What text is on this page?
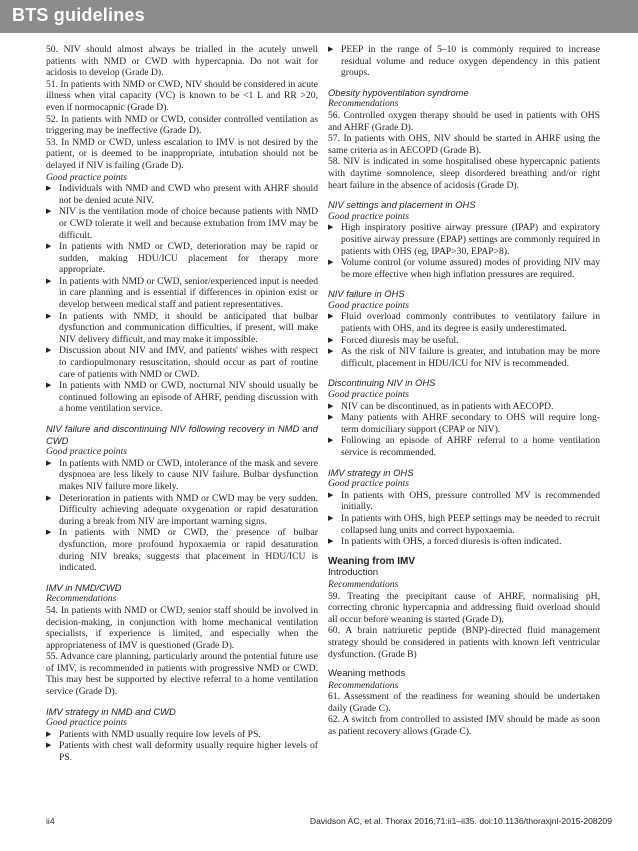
BTS guidelines

50. NIV should almost always be trialled in the acutely unwell patients with NMD or CWD with hypercapnia. Do not wait for acidosis to develop (Grade D).

51. In patients with NMD or CWD, NIV should be considered in acute illness when vital capacity (VC) is known to be <1 L and RR >20, even if normocapnic (Grade D).

52. In patients with NMD or CWD, consider controlled ventilation as triggering may be ineffective (Grade D).

53. In NMD or CWD, unless escalation to IMV is not desired by the patient, or is deemed to be inappropriate, intubation should not be delayed if NIV is failing (Grade D).

Good practice points

▶ Individuals with NMD and CWD who present with AHRF should not be denied acute NIV.
▶ NIV is the ventilation mode of choice because patients with NMD or CWD tolerate it well and because extubation from IMV may be difficult.
▶ In patients with NMD or CWD, deterioration may be rapid or sudden, making HDU/ICU placement for therapy more appropriate.
▶ In patients with NMD or CWD, senior/experienced input is needed in care planning and is essential if differences in opinion exist or develop between medical staff and patient representatives.
▶ In patients with NMD, it should be anticipated that bulbar dysfunction and communication difficulties, if present, will make NIV delivery difficult, and may make it impossible.
▶ Discussion about NIV and IMV, and patients' wishes with respect to cardiopulmonary resuscitation, should occur as part of routine care of patients with NMD or CWD.
▶ In patients with NMD or CWD, nocturnal NIV should usually be continued following an episode of AHRF, pending discussion with a home ventilation service.

NIV failure and discontinuing NIV following recovery in NMD and CWD

Good practice points

▶ In patients with NMD or CWD, intolerance of the mask and severe dyspnoea are less likely to cause NIV failure. Bulbar dysfunction makes NIV failure more likely.
▶ Deterioration in patients with NMD or CWD may be very sudden. Difficulty achieving adequate oxygenation or rapid desaturation during a break from NIV are important warning signs.
▶ In patients with NMD or CWD, the presence of bulbar dysfunction, more profound hypoxaemia or rapid desaturation during NIV breaks, suggests that placement in HDU/ICU is indicated.

IMV in NMD/CWD

Recommendations

54. In patients with NMD or CWD, senior staff should be involved in decision-making, in conjunction with home mechanical ventilation specialists, if experience is limited, and especially when the appropriateness of IMV is questioned (Grade D).

55. Advance care planning, particularly around the potential future use of IMV, is recommended in patients with progressive NMD or CWD. This may best be supported by elective referral to a home ventilation service (Grade D).

IMV strategy in NMD and CWD

Good practice points

▶ Patients with NMD usually require low levels of PS.
▶ Patients with chest wall deformity usually require higher levels of PS.
▶ PEEP in the range of 5–10 is commonly required to increase residual volume and reduce oxygen dependency in this patient groups.

Obesity hypoventilation syndrome

Recommendations

56. Controlled oxygen therapy should be used in patients with OHS and AHRF (Grade D).

57. In patients with OHS, NIV should be started in AHRF using the same criteria as in AECOPD (Grade B).

58. NIV is indicated in some hospitalised obese hypercapnic patients with daytime somnolence, sleep disordered breathing and/or right heart failure in the absence of acidosis (Grade D).

NIV settings and placement in OHS

Good practice points

▶ High inspiratory positive airway pressure (IPAP) and expiratory positive airway pressure (EPAP) settings are commonly required in patients with OHS (eg, IPAP>30, EPAP>8).
▶ Volume control (or volume assured) modes of providing NIV may be more effective when high inflation pressures are required.

NIV failure in OHS

Good practice points

▶ Fluid overload commonly contributes to ventilatory failure in patients with OHS, and its degree is easily underestimated.
▶ Forced diuresis may be useful.
▶ As the risk of NIV failure is greater, and intubation may be more difficult, placement in HDU/ICU for NIV is recommended.

Discontinuing NIV in OHS

Good practice points

▶ NIV can be discontinued, as in patients with AECOPD.
▶ Many patients with AHRF secondary to OHS will require long-term domiciliary support (CPAP or NIV).
▶ Following an episode of AHRF referral to a home ventilation service is recommended.

IMV strategy in OHS

Good practice points

▶ In patients with OHS, pressure controlled MV is recommended initially.
▶ In patients with OHS, high PEEP settings may be needed to recruit collapsed lung units and correct hypoxaemia.
▶ In patients with OHS, a forced diuresis is often indicated.

Weaning from IMV

Introduction

Recommendations

59. Treating the precipitant cause of AHRF, normalising pH, correcting chronic hypercapnia and addressing fluid overload should all occur before weaning is started (Grade D).

60. A brain natriuretic peptide (BNP)-directed fluid management strategy should be considered in patients with known left ventricular dysfunction. (Grade B)

Weaning methods

Recommendations

61. Assessment of the readiness for weaning should be undertaken daily (Grade C).

62. A switch from controlled to assisted IMV should be made as soon as patient recovery allows (Grade C).

ii4	Davidson AC, et al. Thorax 2016;71:ii1–ii35. doi:10.1136/thoraxjnl-2015-208209
